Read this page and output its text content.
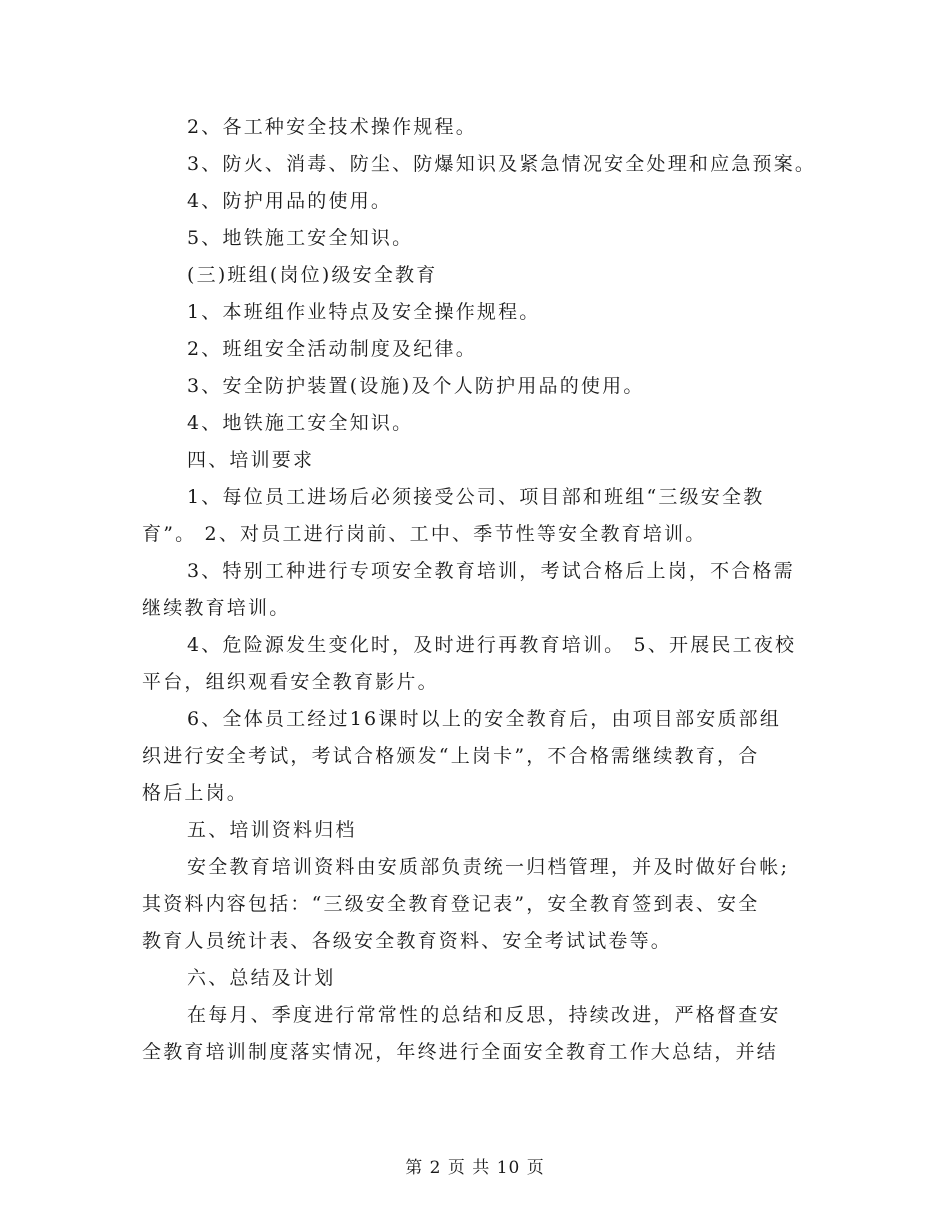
2、各工种安全技术操作规程。
3、防火、消毒、防尘、防爆知识及紧急情况安全处理和应急预案。
4、防护用品的使用。
5、地铁施工安全知识。
(三)班组(岗位)级安全教育
1、本班组作业特点及安全操作规程。
2、班组安全活动制度及纪律。
3、安全防护装置(设施)及个人防护用品的使用。
4、地铁施工安全知识。
四、培训要求
1、每位员工进场后必须接受公司、项目部和班组“三级安全教
育”。 2、对员工进行岗前、工中、季节性等安全教育培训。
3、特别工种进行专项安全教育培训，考试合格后上岗，不合格需
继续教育培训。
4、危险源发生变化时，及时进行再教育培训。 5、开展民工夜校
平台，组织观看安全教育影片。
6、全体员工经过16课时以上的安全教育后，由项目部安质部组
织进行安全考试，考试合格颁发“上岗卡”，不合格需继续教育，合
格后上岗。
五、培训资料归档
安全教育培训资料由安质部负责统一归档管理，并及时做好台帐;
其资料内容包括：“三级安全教育登记表”，安全教育签到表、安全
教育人员统计表、各级安全教育资料、安全考试试卷等。
六、总结及计划
在每月、季度进行常常性的总结和反思，持续改进，严格督查安
全教育培训制度落实情况，年终进行全面安全教育工作大总结，并结
第 2 页 共 10 页
